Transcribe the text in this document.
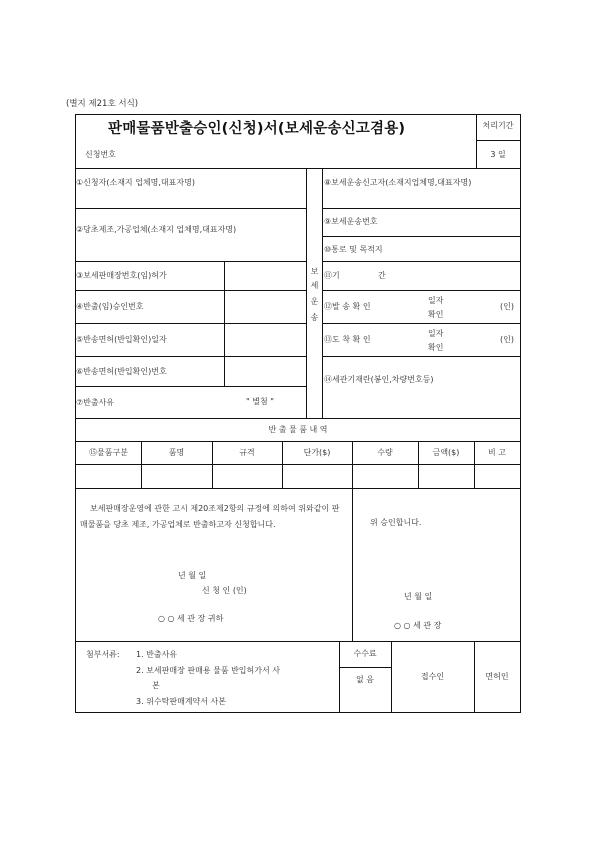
(별지 제21호 서식)
판매물품반출승인(신청)서(보세운송신고겸용)
신청번호
처리기간
3 일
①신청자(소재지 업체명,대표자명)
②당초제조,가공업체(소재지 업체명,대표자명)
③보세판매장번호(임)허가
④반출(임)승인번호
⑤반송면허(반입확인)일자
⑥반송면허(반입확인)번호
⑦반출사유	" 별첨 "
보
세
운
송
⑧보세운송신고자(소재지업체명,대표자명)
⑨보세운송번호
⑩통로 및 목적지
⑪기	간
⑫발 송 확 인
일자
확인
(인)
⑬도 착 확 인
일자
확인
(인)
⑭세관기재란(봉인,차량번호등)
반 출 물 품 내 역
⑮물품구분	품명	규격	단가($)	수량	금액($)	비 고
보세판매장운영에 관한 고시 제20조제2항의 규정에 의하여 위와같이 판매물품을 당초 제조, 가공업체로 반출하고자 신청합니다.
년 월 일
신 청 인 (인)
○ ○ 세 관 장 귀하
위 승인합니다.
년 월 일
○ ○ 세 관 장
첨부서류: 1. 반출사유
2. 보세판매장 판매용 물품 반입허가서 사
본
3. 위수탁판매계약서 사본
수수료
없 음	접수인	면허인
